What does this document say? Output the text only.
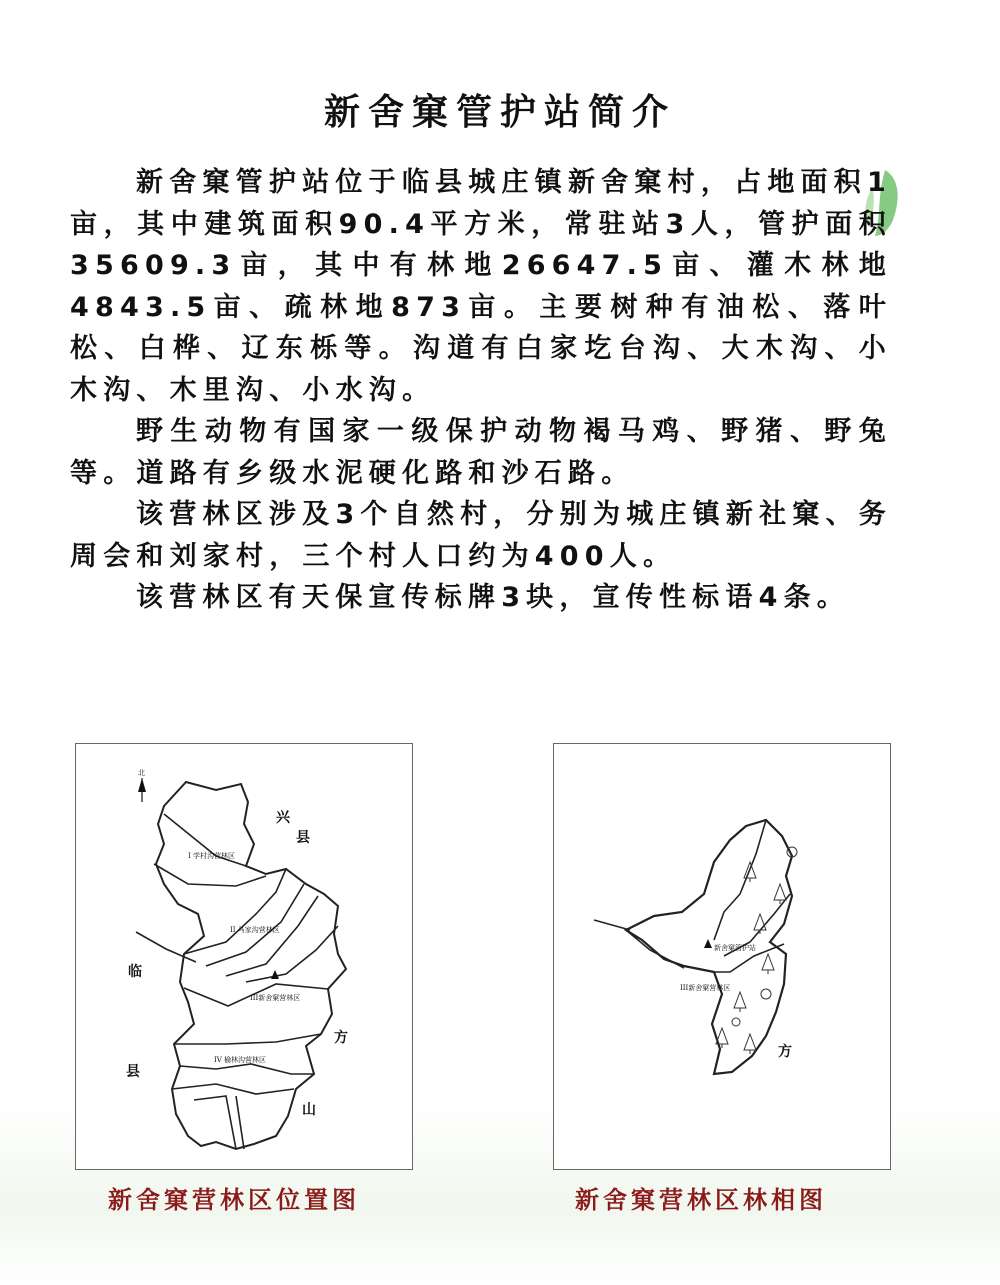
新舍窠管护站简介

新舍窠管护站位于临县城庄镇新舍窠村，占地面积1亩，其中建筑面积90.4平方米，常驻站3人，管护面积35609.3亩，其中有林地26647.5亩、灌木林地4843.5亩、疏林地873亩。主要树种有油松、落叶松、白桦、辽东栎等。沟道有白家圪台沟、大木沟、小木沟、木里沟、小水沟。

野生动物有国家一级保护动物褐马鸡、野猪、野兔等。道路有乡级水泥硬化路和沙石路。

该营林区涉及3个自然村，分别为城庄镇新社窠、务周会和刘家村，三个村人口约为400人。

该营林区有天保宣传标牌3块，宣传性标语4条。

北
兴
县
临
县
方
山
I 学村沟营林区
II 马家沟营林区
III新舍窠营林区
IV 榆林沟营林区
新舍窠营林区位置图
方
III新舍窠营林区
新舍窠管护站
新舍窠营林区林相图
